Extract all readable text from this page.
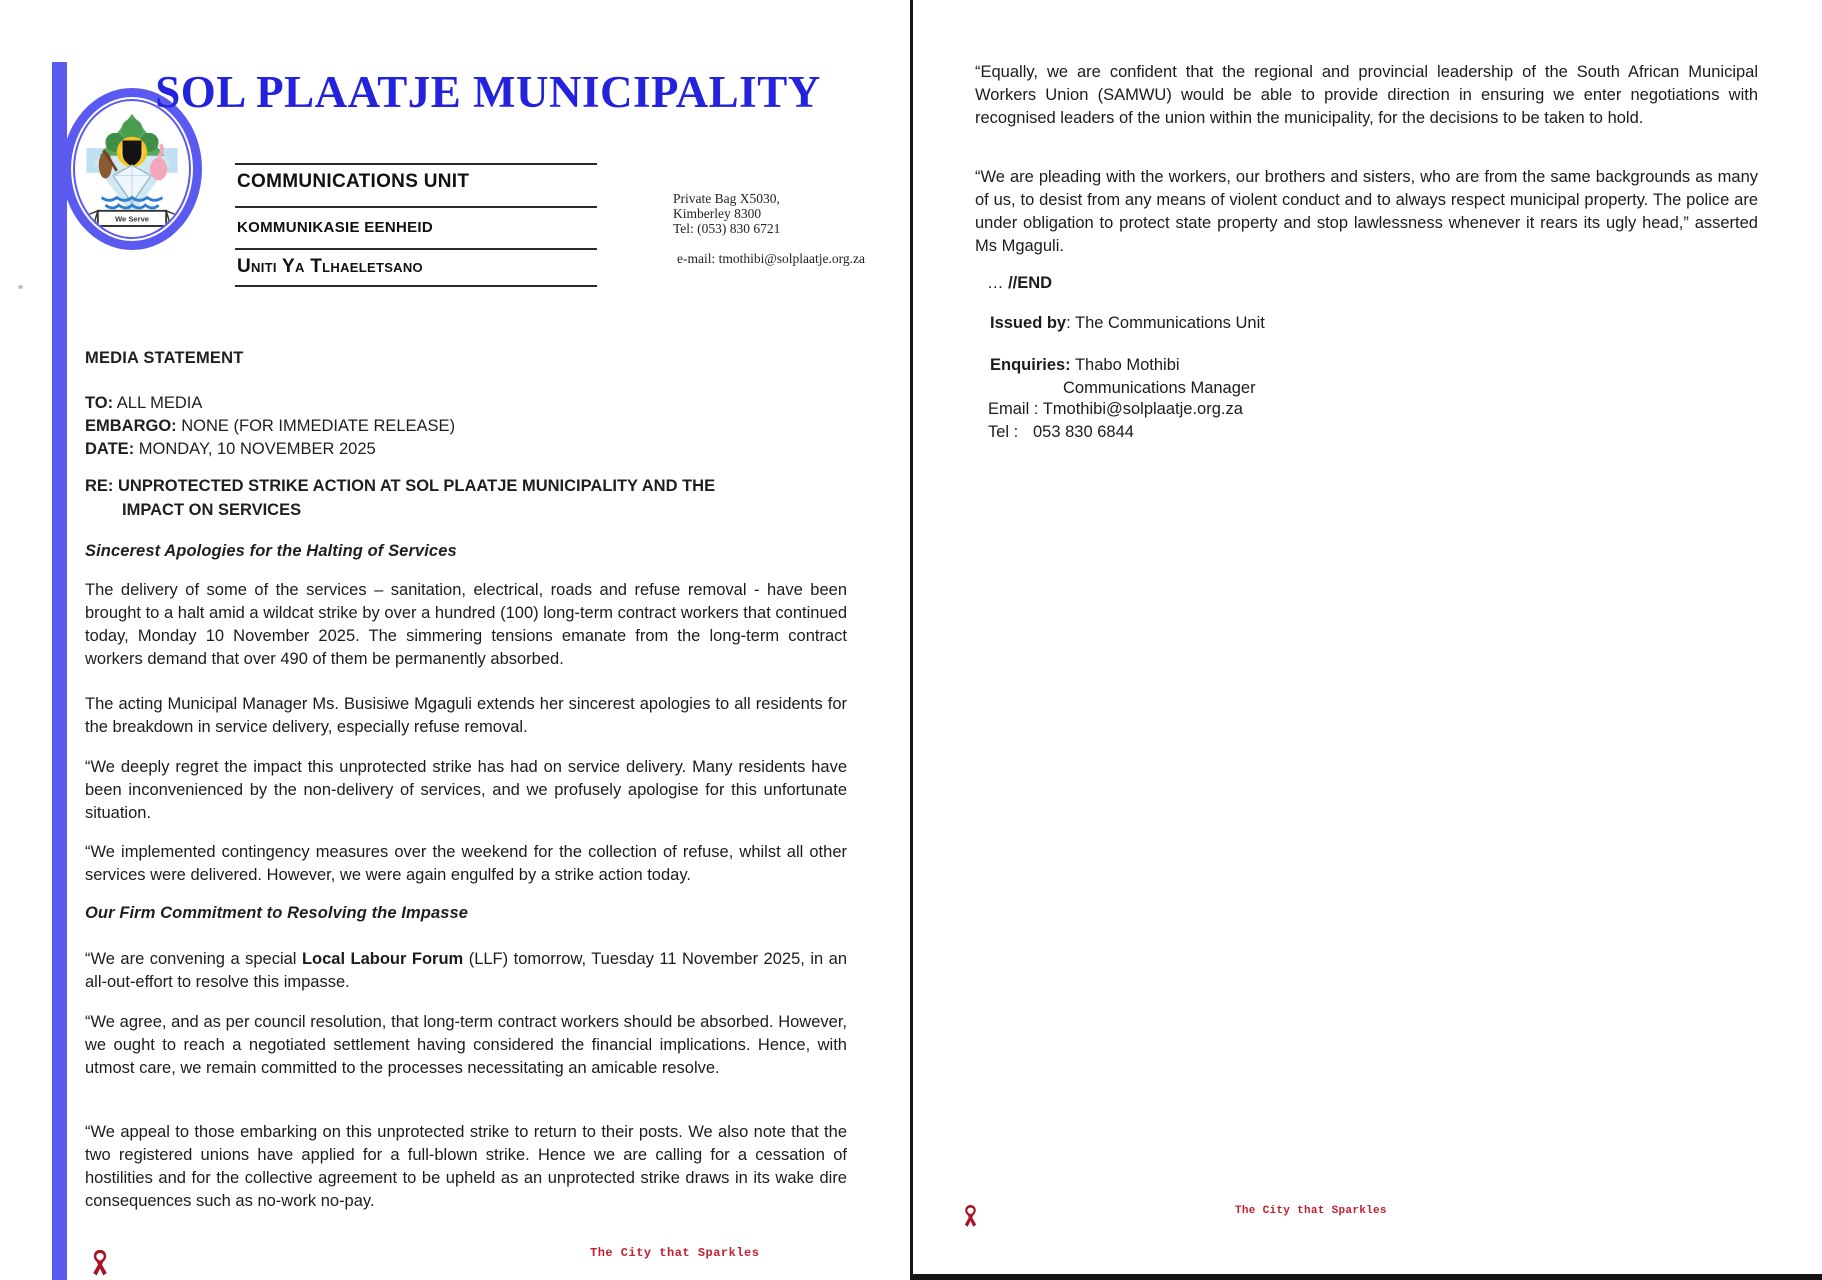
We Serve
SOL PLAATJE MUNICIPALITY
COMMUNICATIONS UNIT
KOMMUNIKASIE EENHEID
Uniti Ya Tlhaeletsano
Private Bag X5030,
Kimberley 8300
Tel: (053) 830 6721
e-mail: tmothibi@solplaatje.org.za
MEDIA STATEMENT
TO: ALL MEDIA
EMBARGO: NONE (FOR IMMEDIATE RELEASE)
DATE: MONDAY, 10 NOVEMBER 2025
RE: UNPROTECTED STRIKE ACTION AT SOL PLAATJE MUNICIPALITY AND THE
IMPACT ON SERVICES
Sincerest Apologies for the Halting of Services
The delivery of some of the services – sanitation, electrical, roads and refuse removal - have been brought to a halt amid a wildcat strike by over a hundred (100) long-term contract workers that continued today, Monday 10 November 2025. The simmering tensions emanate from the long-term contract workers demand that over 490 of them be permanently absorbed.
The acting Municipal Manager Ms. Busisiwe Mgaguli extends her sincerest apologies to all residents for the breakdown in service delivery, especially refuse removal.
“We deeply regret the impact this unprotected strike has had on service delivery. Many residents have been inconvenienced by the non-delivery of services, and we profusely apologise for this unfortunate situation.
“We implemented contingency measures over the weekend for the collection of refuse, whilst all other services were delivered. However, we were again engulfed by a strike action today.
Our Firm Commitment to Resolving the Impasse
“We are convening a special Local Labour Forum (LLF) tomorrow, Tuesday 11 November 2025, in an all-out-effort to resolve this impasse.
“We agree, and as per council resolution, that long-term contract workers should be absorbed. However, we ought to reach a negotiated settlement having considered the financial implications. Hence, with utmost care, we remain committed to the processes necessitating an amicable resolve.
“We appeal to those embarking on this unprotected strike to return to their posts. We also note that the two registered unions have applied for a full-blown strike. Hence we are calling for a cessation of hostilities and for the collective agreement to be upheld as an unprotected strike draws in its wake dire consequences such as no-work no-pay.
The City that Sparkles
“Equally, we are confident that the regional and provincial leadership of the South African Municipal Workers Union (SAMWU) would be able to provide direction in ensuring we enter negotiations with recognised leaders of the union within the municipality, for the decisions to be taken to hold.
“We are pleading with the workers, our brothers and sisters, who are from the same backgrounds as many of us, to desist from any means of violent conduct and to always respect municipal property. The police are under obligation to protect state property and stop lawlessness whenever it rears its ugly head,” asserted Ms Mgaguli.
… //END
Issued by: The Communications Unit
Enquiries: Thabo Mothibi
Communications Manager
Email : Tmothibi@solplaatje.org.za
Tel : 053 830 6844
The City that Sparkles
